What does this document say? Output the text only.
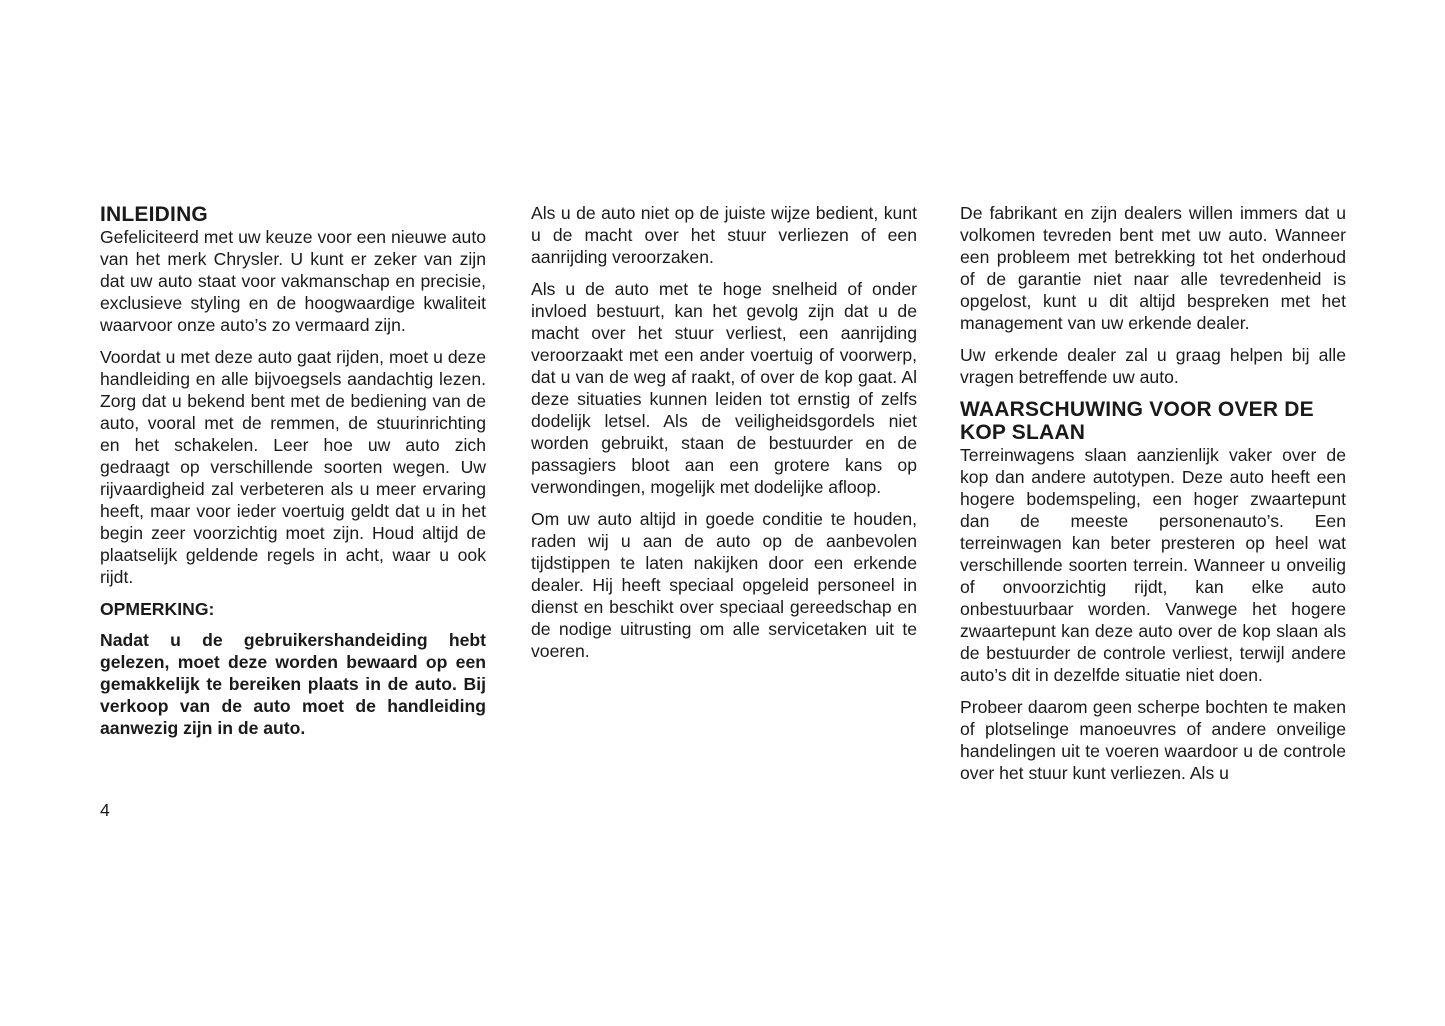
INLEIDING

Gefeliciteerd met uw keuze voor een nieuwe auto van het merk Chrysler. U kunt er zeker van zijn dat uw auto staat voor vakmanschap en precisie, exclusieve styling en de hoogwaardige kwaliteit waarvoor onze auto’s zo vermaard zijn.

Voordat u met deze auto gaat rijden, moet u deze handleiding en alle bijvoegsels aandachtig lezen. Zorg dat u bekend bent met de bediening van de auto, vooral met de remmen, de stuurinrichting en het schakelen. Leer hoe uw auto zich gedraagt op verschillende soorten wegen. Uw rijvaardigheid zal verbeteren als u meer ervaring heeft, maar voor ieder voertuig geldt dat u in het begin zeer voorzichtig moet zijn. Houd altijd de plaatselijk geldende regels in acht, waar u ook rijdt.

OPMERKING:

Nadat u de gebruikershandeiding hebt gelezen, moet deze worden bewaard op een gemakkelijk te bereiken plaats in de auto. Bij verkoop van de auto moet de handleiding aanwezig zijn in de auto.

Als u de auto niet op de juiste wijze bedient, kunt u de macht over het stuur verliezen of een aanrijding veroorzaken.

Als u de auto met te hoge snelheid of onder invloed bestuurt, kan het gevolg zijn dat u de macht over het stuur verliest, een aanrijding veroorzaakt met een ander voertuig of voorwerp, dat u van de weg af raakt, of over de kop gaat. Al deze situaties kunnen leiden tot ernstig of zelfs dodelijk letsel. Als de veiligheidsgordels niet worden gebruikt, staan de bestuurder en de passagiers bloot aan een grotere kans op verwondingen, mogelijk met dodelijke afloop.

Om uw auto altijd in goede conditie te houden, raden wij u aan de auto op de aanbevolen tijdstippen te laten nakijken door een erkende dealer. Hij heeft speciaal opgeleid personeel in dienst en beschikt over speciaal gereedschap en de nodige uitrusting om alle servicetaken uit te voeren.

De fabrikant en zijn dealers willen immers dat u volkomen tevreden bent met uw auto. Wanneer een probleem met betrekking tot het onderhoud of de garantie niet naar alle tevredenheid is opgelost, kunt u dit altijd bespreken met het management van uw erkende dealer.

Uw erkende dealer zal u graag helpen bij alle vragen betreffende uw auto.

WAARSCHUWING VOOR OVER DE KOP SLAAN

Terreinwagens slaan aanzienlijk vaker over de kop dan andere autotypen. Deze auto heeft een hogere bodemspeling, een hoger zwaartepunt dan de meeste personenauto’s. Een terreinwagen kan beter presteren op heel wat verschillende soorten terrein. Wanneer u onveilig of onvoorzichtig rijdt, kan elke auto onbestuurbaar worden. Vanwege het hogere zwaartepunt kan deze auto over de kop slaan als de bestuurder de controle verliest, terwijl andere auto’s dit in dezelfde situatie niet doen.

Probeer daarom geen scherpe bochten te maken of plotselinge manoeuvres of andere onveilige handelingen uit te voeren waardoor u de controle over het stuur kunt verliezen. Als u

4
